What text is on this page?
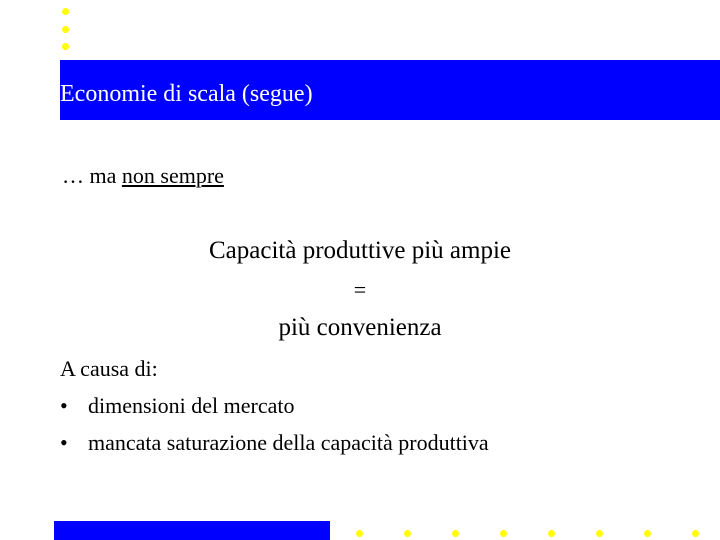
Economie di scala (segue)
… ma non sempre
Capacità produttive più ampie
=
più convenienza
A causa di:
• dimensioni del mercato
• mancata saturazione della capacità produttiva
